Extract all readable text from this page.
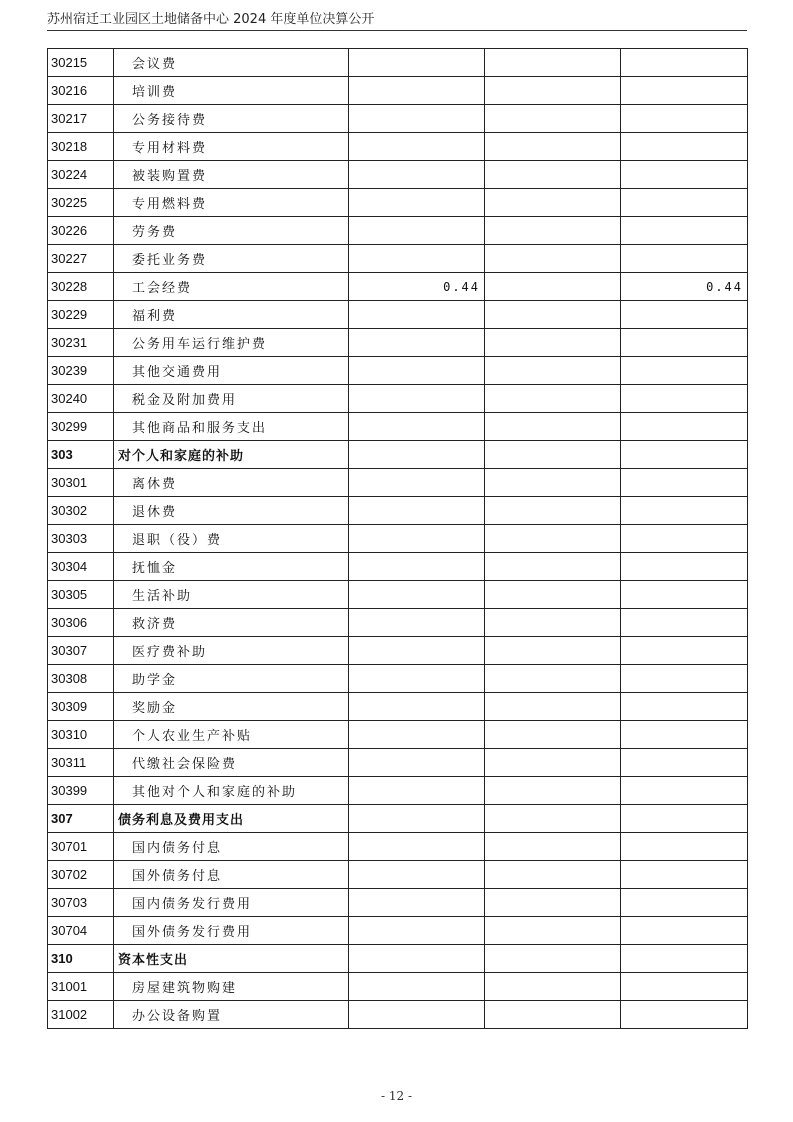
苏州宿迁工业园区土地储备中心 2024 年度单位决算公开
30215	会议费			
30216	培训费			
30217	公务接待费			
30218	专用材料费			
30224	被装购置费			
30225	专用燃料费			
30226	劳务费			
30227	委托业务费			
30228	工会经费	0.44		0.44
30229	福利费			
30231	公务用车运行维护费			
30239	其他交通费用			
30240	税金及附加费用			
30299	其他商品和服务支出			
303	对个人和家庭的补助			
30301	离休费			
30302	退休费			
30303	退职（役）费			
30304	抚恤金			
30305	生活补助			
30306	救济费			
30307	医疗费补助			
30308	助学金			
30309	奖励金			
30310	个人农业生产补贴			
30311	代缴社会保险费			
30399	其他对个人和家庭的补助			
307	债务利息及费用支出			
30701	国内债务付息			
30702	国外债务付息			
30703	国内债务发行费用			
30704	国外债务发行费用			
310	资本性支出			
31001	房屋建筑物购建			
31002	办公设备购置			
- 12 -
